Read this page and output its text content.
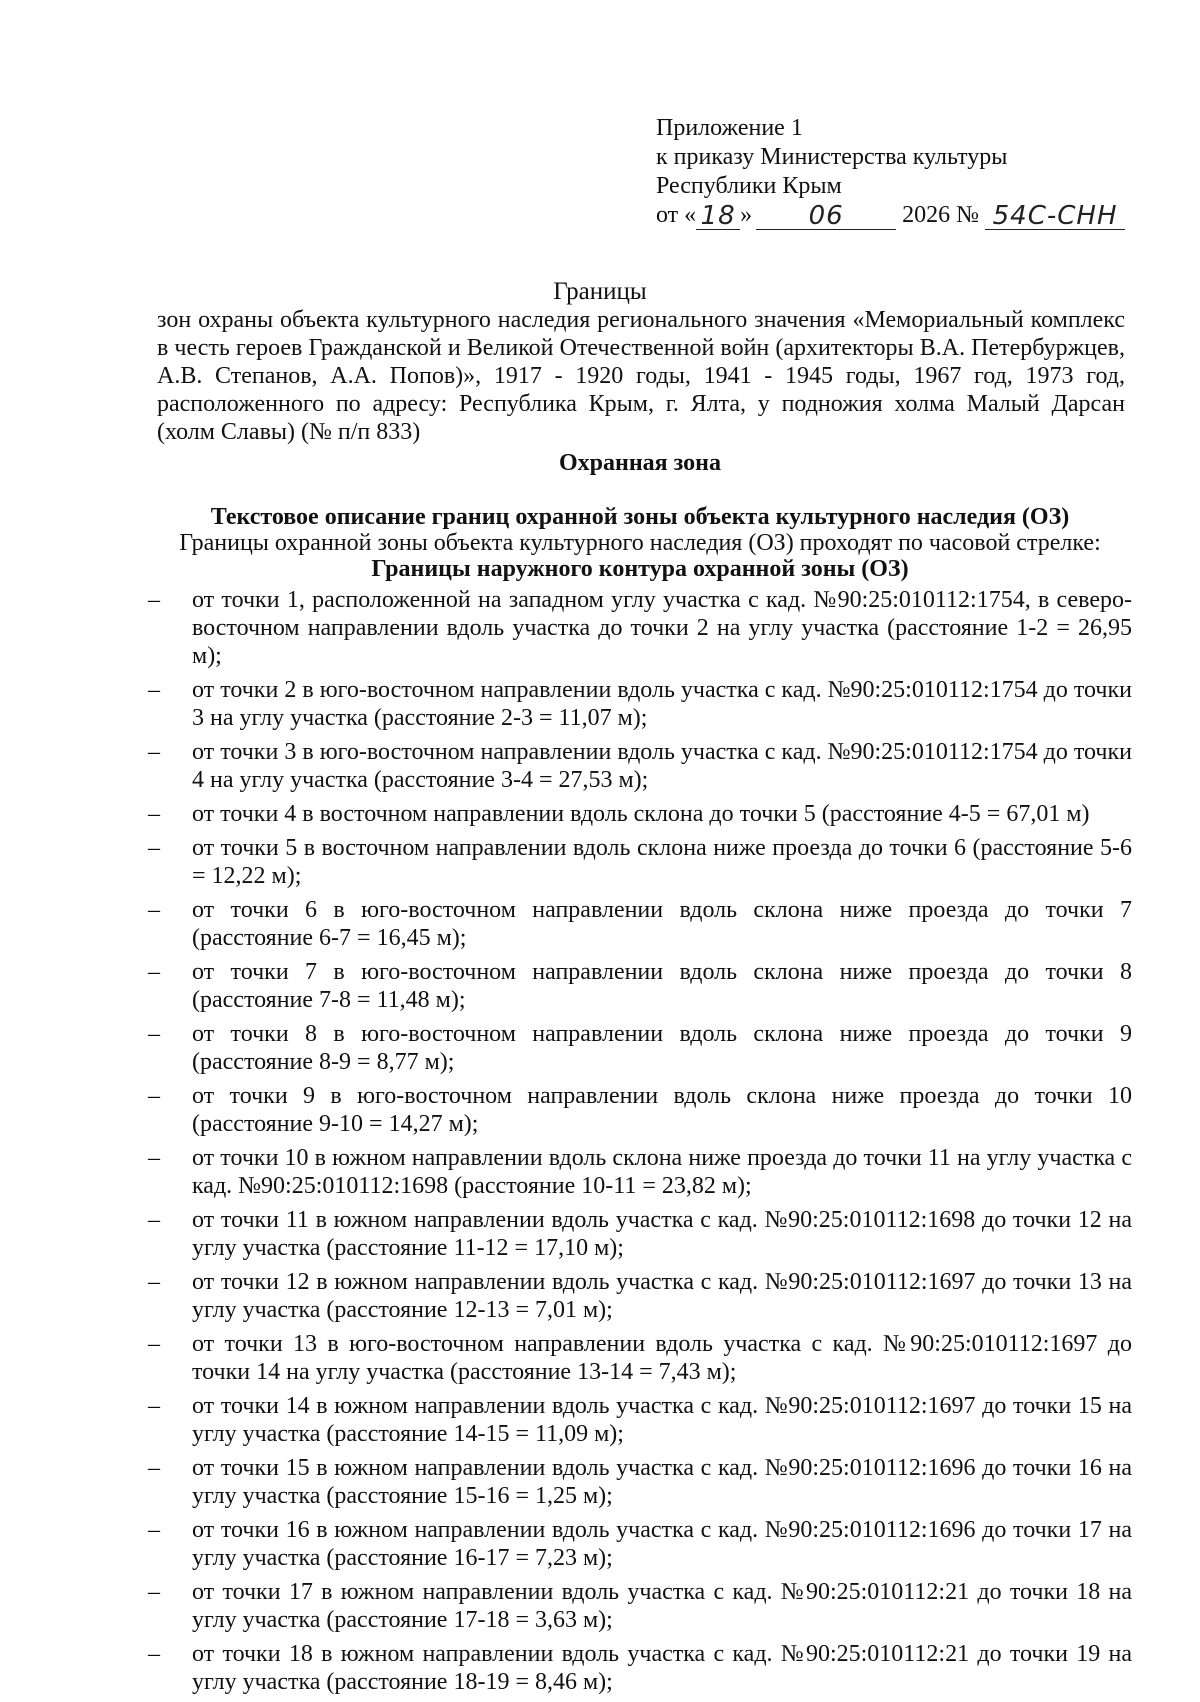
Приложение 1
к приказу Министерства культуры
Республики Крым
от « 18 »	06	2026 № 54С-СНН
Границы
зон охраны объекта культурного наследия регионального значения «Мемориальный комплекс в честь героев Гражданской и Великой Отечественной войн (архитекторы В.А. Петербуржцев, А.В. Степанов, А.А. Попов)», 1917 - 1920 годы, 1941 - 1945 годы, 1967 год, 1973 год, расположенного по адресу: Республика Крым, г. Ялта, у подножия холма Малый Дарсан (холм Славы) (№ п/п 833)
Охранная зона
Текстовое описание границ охранной зоны объекта культурного наследия (ОЗ)
Границы охранной зоны объекта культурного наследия (ОЗ) проходят по часовой стрелке:
Границы наружного контура охранной зоны (ОЗ)
– от точки 1, расположенной на западном углу участка с кад. №90:25:010112:1754, в северо-восточном направлении вдоль участка до точки 2 на углу участка (расстояние 1-2 = 26,95 м);
– от точки 2 в юго-восточном направлении вдоль участка с кад. №90:25:010112:1754 до точки 3 на углу участка (расстояние 2-3 = 11,07 м);
– от точки 3 в юго-восточном направлении вдоль участка с кад. №90:25:010112:1754 до точки 4 на углу участка (расстояние 3-4 = 27,53 м);
– от точки 4 в восточном направлении вдоль склона до точки 5 (расстояние 4-5 = 67,01 м)
– от точки 5 в восточном направлении вдоль склона ниже проезда до точки 6 (расстояние 5-6 = 12,22 м);
– от точки 6 в юго-восточном направлении вдоль склона ниже проезда до точки 7 (расстояние 6-7 = 16,45 м);
– от точки 7 в юго-восточном направлении вдоль склона ниже проезда до точки 8 (расстояние 7-8 = 11,48 м);
– от точки 8 в юго-восточном направлении вдоль склона ниже проезда до точки 9 (расстояние 8-9 = 8,77 м);
– от точки 9 в юго-восточном направлении вдоль склона ниже проезда до точки 10 (расстояние 9-10 = 14,27 м);
– от точки 10 в южном направлении вдоль склона ниже проезда до точки 11 на углу участка с кад. №90:25:010112:1698 (расстояние 10-11 = 23,82 м);
– от точки 11 в южном направлении вдоль участка с кад. №90:25:010112:1698 до точки 12 на углу участка (расстояние 11-12 = 17,10 м);
– от точки 12 в южном направлении вдоль участка с кад. №90:25:010112:1697 до точки 13 на углу участка (расстояние 12-13 = 7,01 м);
– от точки 13 в юго-восточном направлении вдоль участка с кад. №90:25:010112:1697 до точки 14 на углу участка (расстояние 13-14 = 7,43 м);
– от точки 14 в южном направлении вдоль участка с кад. №90:25:010112:1697 до точки 15 на углу участка (расстояние 14-15 = 11,09 м);
– от точки 15 в южном направлении вдоль участка с кад. №90:25:010112:1696 до точки 16 на углу участка (расстояние 15-16 = 1,25 м);
– от точки 16 в южном направлении вдоль участка с кад. №90:25:010112:1696 до точки 17 на углу участка (расстояние 16-17 = 7,23 м);
– от точки 17 в южном направлении вдоль участка с кад. №90:25:010112:21 до точки 18 на углу участка (расстояние 17-18 = 3,63 м);
– от точки 18 в южном направлении вдоль участка с кад. №90:25:010112:21 до точки 19 на углу участка (расстояние 18-19 = 8,46 м);
